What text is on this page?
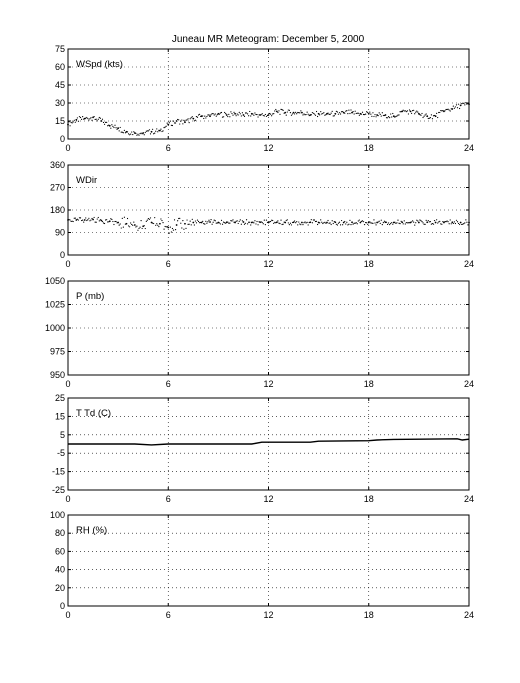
Juneau MR Meteogram: December 5, 2000
0	6	12	18	24
0
15
30
45
60
75
WSpd (kts)
0	6	12	18	24
0
90
180
270
360
WDir
0	6	12	18	24
950
975
1000
1025
1050
P (mb)
0	6	12	18	24
-25
-15
-5
5
15
25
T Td (C)
0	6	12	18	24
0
20
40
60
80
100
RH (%)
